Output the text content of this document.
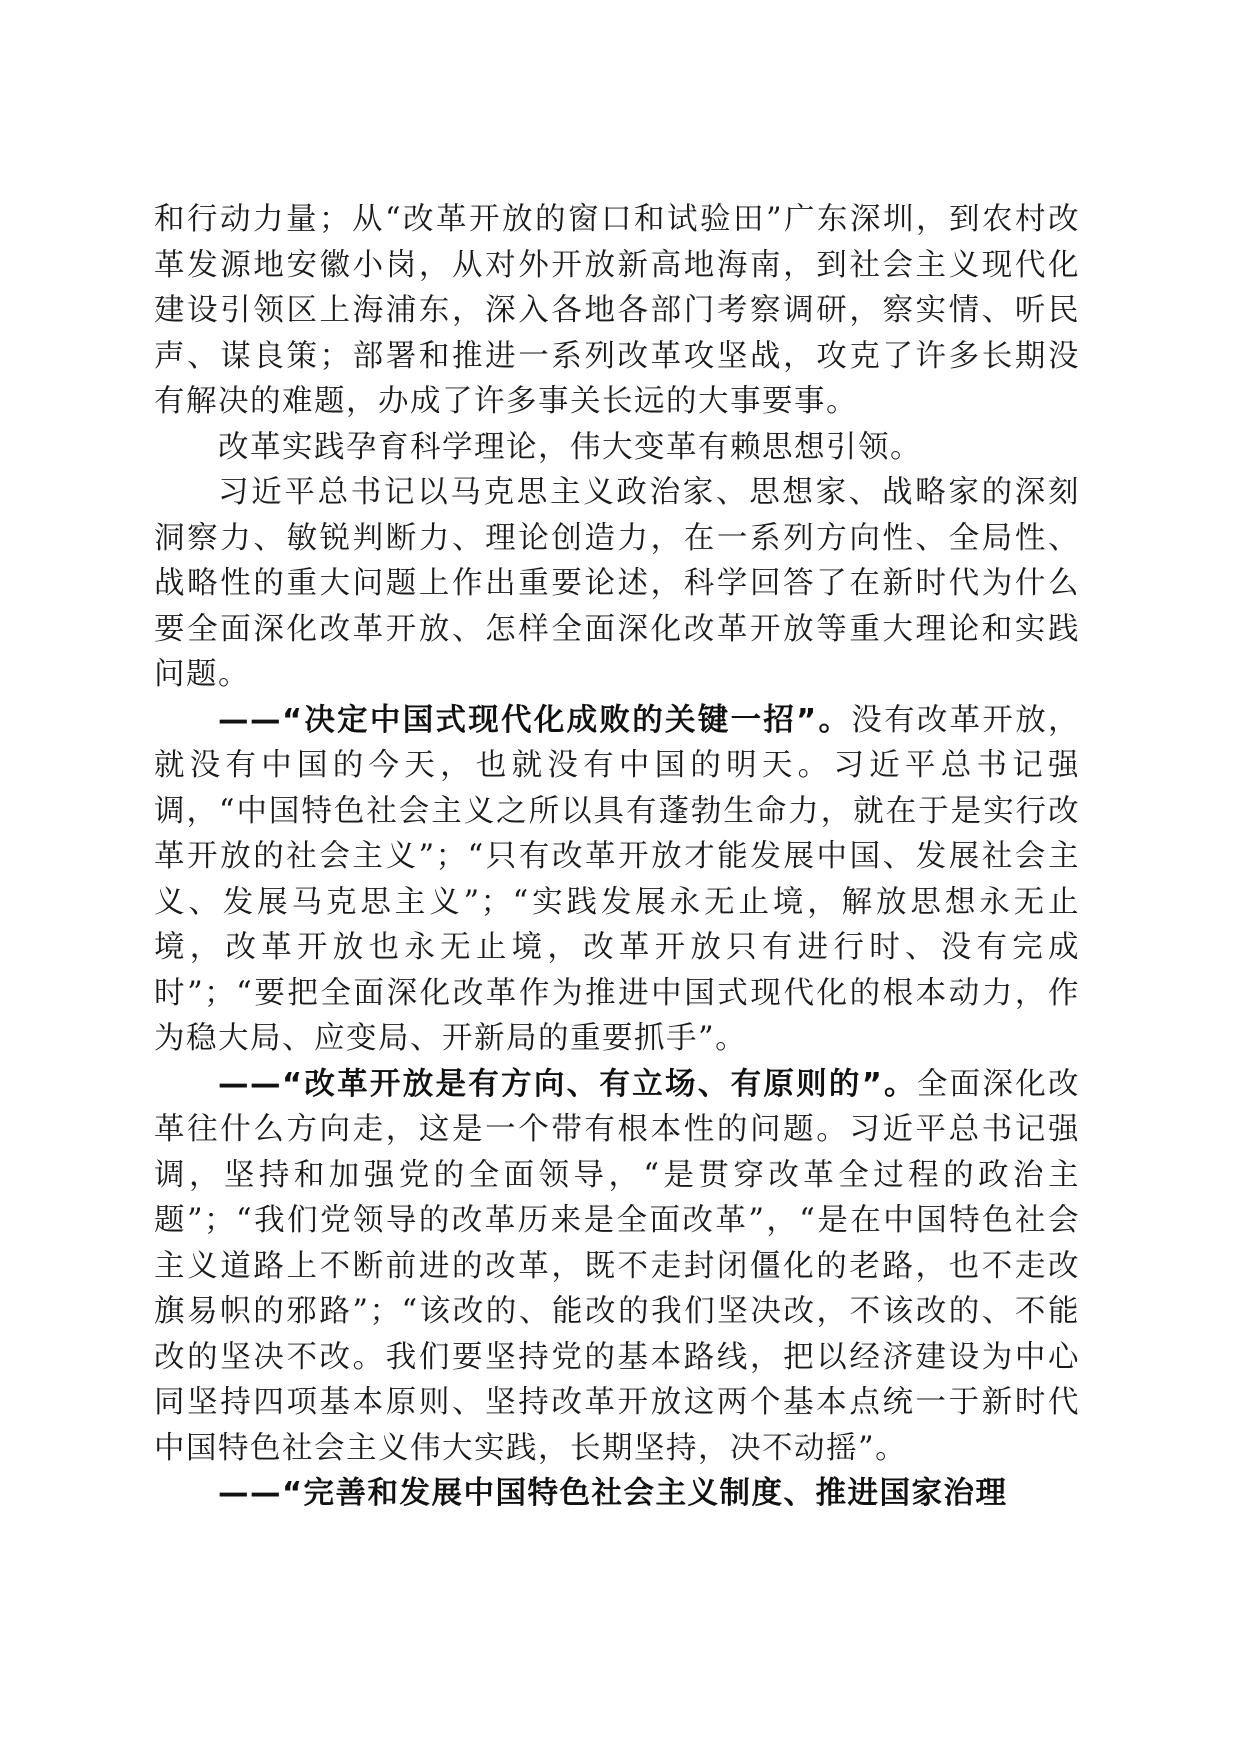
和行动力量；从“改革开放的窗口和试验田”广东深圳，到农村改革发源地安徽小岗，从对外开放新高地海南，到社会主义现代化建设引领区上海浦东，深入各地各部门考察调研，察实情、听民声、谋良策；部署和推进一系列改革攻坚战，攻克了许多长期没有解决的难题，办成了许多事关长远的大事要事。

改革实践孕育科学理论，伟大变革有赖思想引领。

习近平总书记以马克思主义政治家、思想家、战略家的深刻洞察力、敏锐判断力、理论创造力，在一系列方向性、全局性、战略性的重大问题上作出重要论述，科学回答了在新时代为什么要全面深化改革开放、怎样全面深化改革开放等重大理论和实践问题。

——“决定中国式现代化成败的关键一招”。没有改革开放，就没有中国的今天，也就没有中国的明天。习近平总书记强调，“中国特色社会主义之所以具有蓬勃生命力，就在于是实行改革开放的社会主义”；“只有改革开放才能发展中国、发展社会主义、发展马克思主义”；“实践发展永无止境，解放思想永无止境，改革开放也永无止境，改革开放只有进行时、没有完成时”；“要把全面深化改革作为推进中国式现代化的根本动力，作为稳大局、应变局、开新局的重要抓手”。

——“改革开放是有方向、有立场、有原则的”。全面深化改革往什么方向走，这是一个带有根本性的问题。习近平总书记强调，坚持和加强党的全面领导，“是贯穿改革全过程的政治主题”；“我们党领导的改革历来是全面改革”，“是在中国特色社会主义道路上不断前进的改革，既不走封闭僵化的老路，也不走改旗易帜的邪路”；“该改的、能改的我们坚决改，不该改的、不能改的坚决不改。我们要坚持党的基本路线，把以经济建设为中心同坚持四项基本原则、坚持改革开放这两个基本点统一于新时代中国特色社会主义伟大实践，长期坚持，决不动摇”。

——“完善和发展中国特色社会主义制度、推进国家治理
